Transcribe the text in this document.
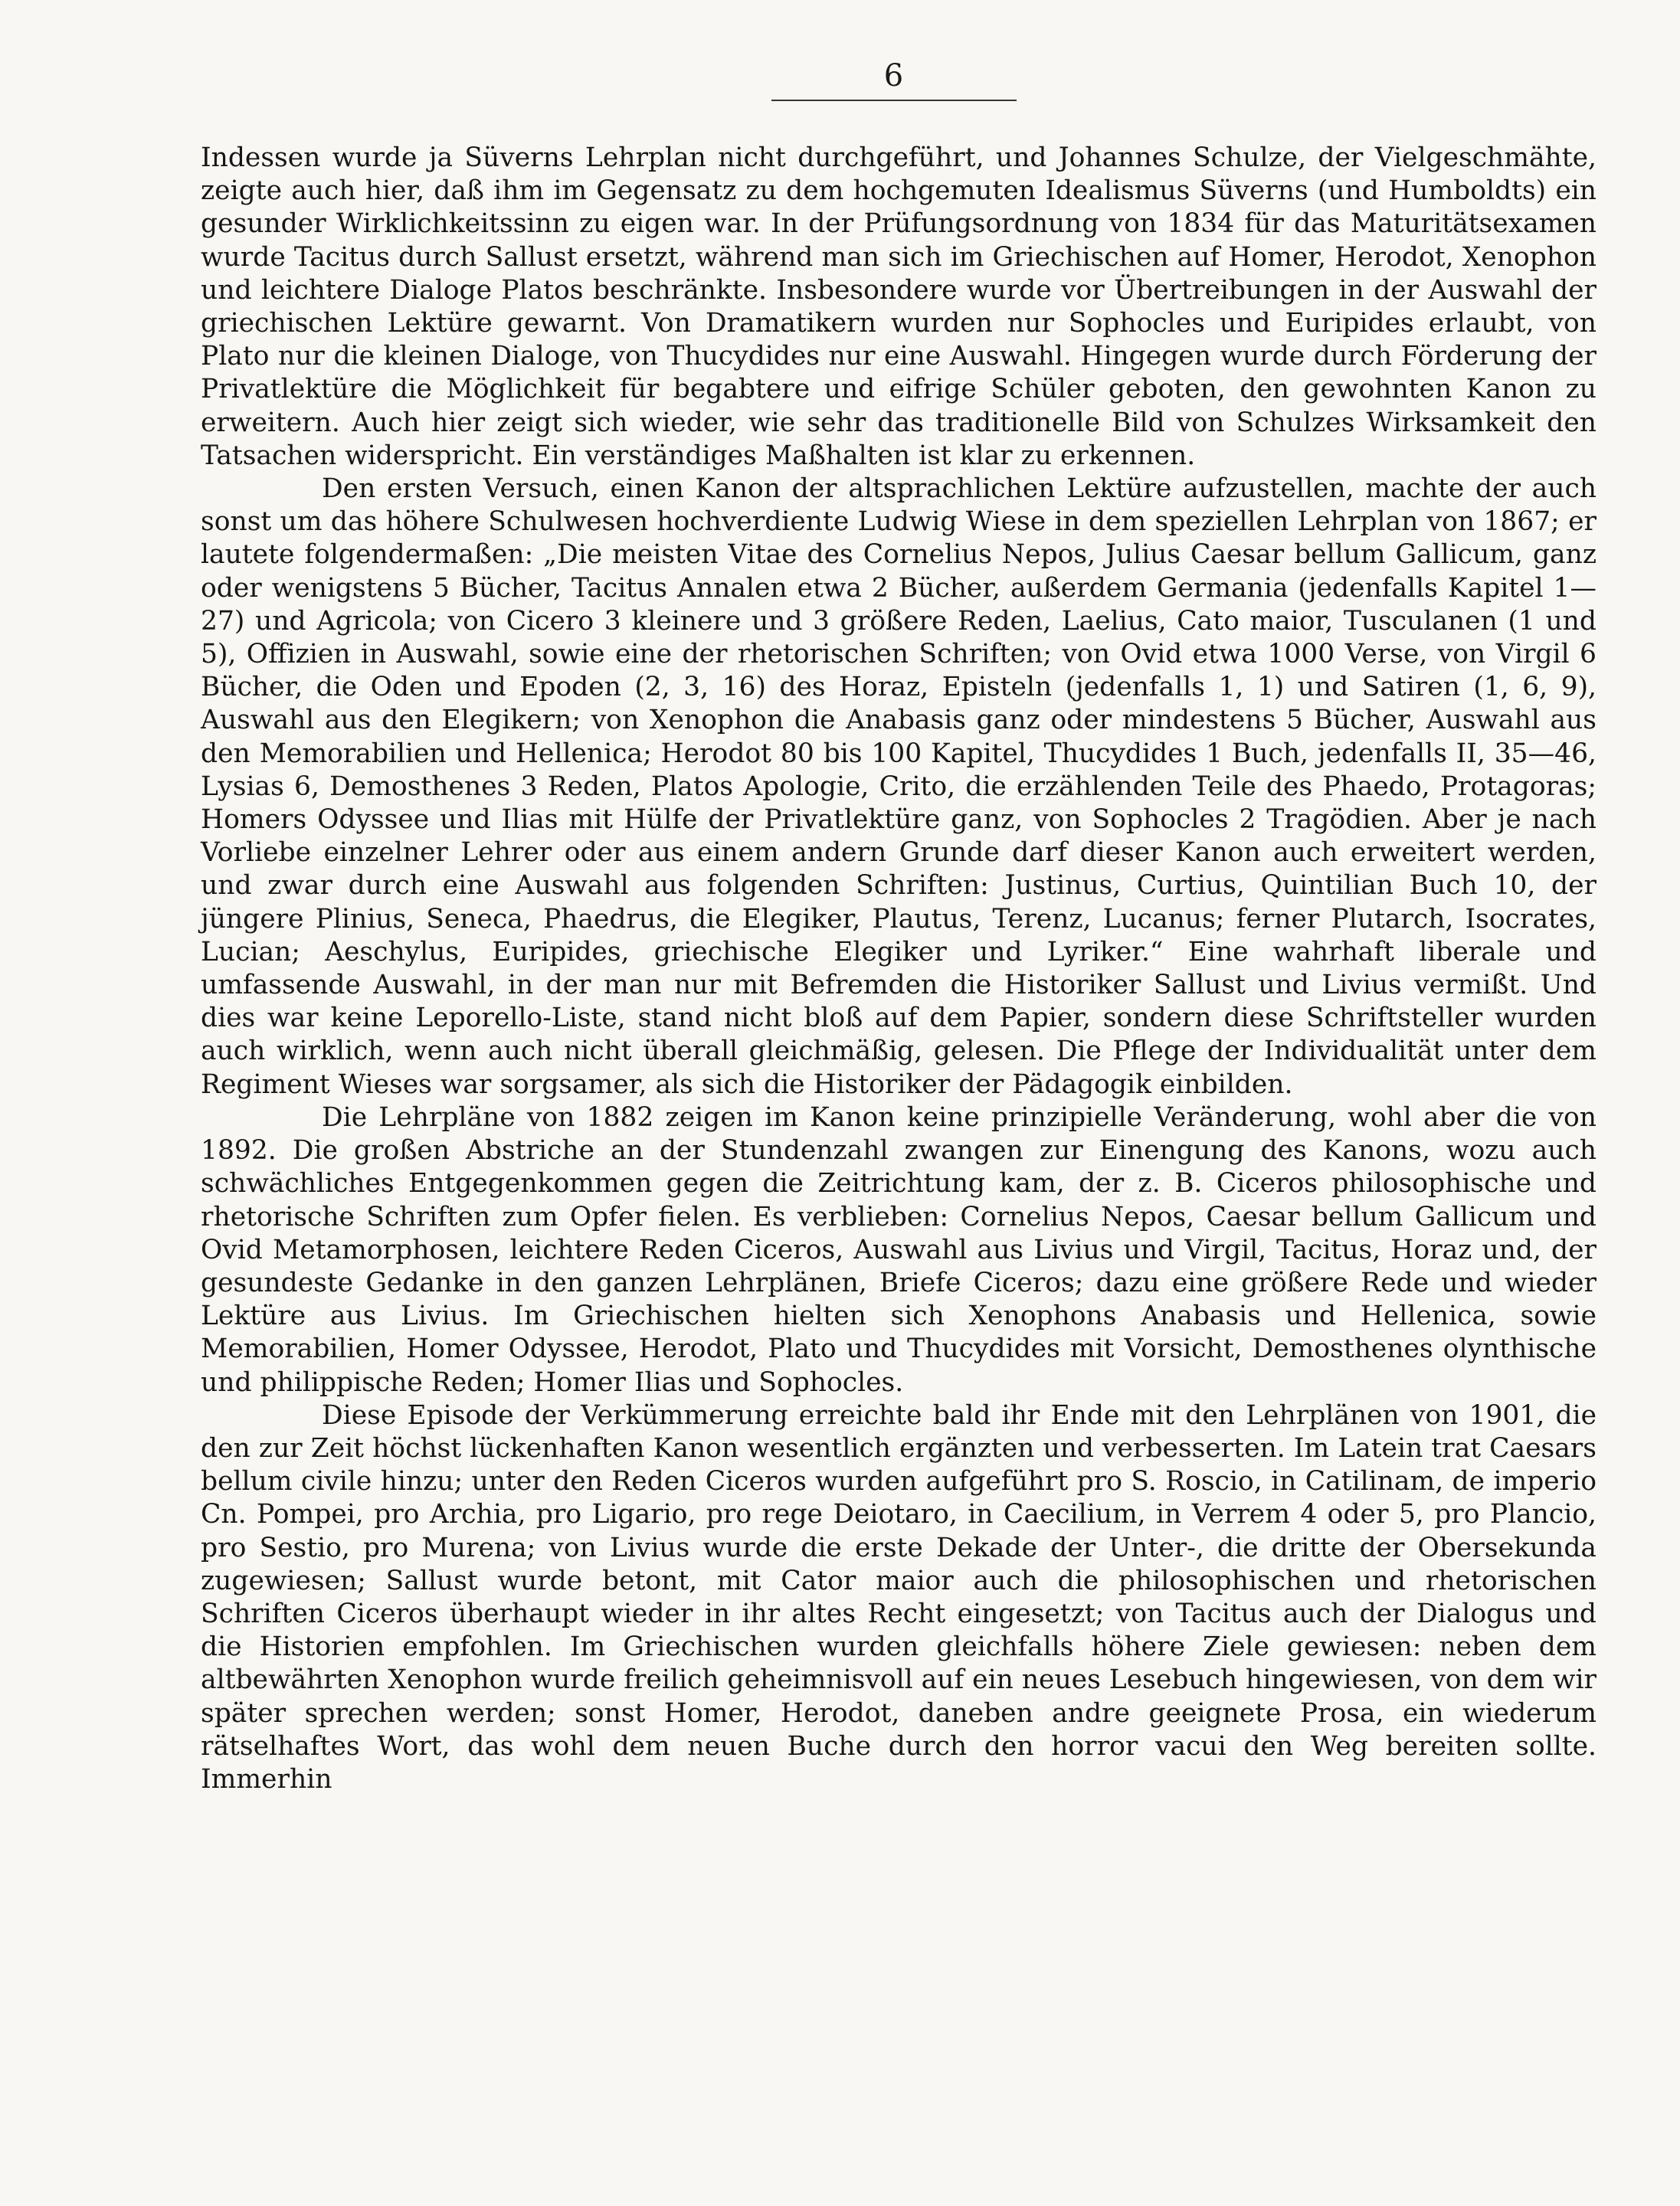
6

Indessen wurde ja Süverns Lehrplan nicht durchgeführt, und Johannes Schulze, der Vielgeschmähte, zeigte auch hier, daß ihm im Gegensatz zu dem hochgemuten Idealismus Süverns (und Humboldts) ein gesunder Wirklichkeitssinn zu eigen war. In der Prüfungsordnung von 1834 für das Maturitätsexamen wurde Tacitus durch Sallust ersetzt, während man sich im Griechischen auf Homer, Herodot, Xenophon und leichtere Dialoge Platos beschränkte. Insbesondere wurde vor Übertreibungen in der Auswahl der griechischen Lektüre gewarnt. Von Dramatikern wurden nur Sophocles und Euripides erlaubt, von Plato nur die kleinen Dialoge, von Thucydides nur eine Auswahl. Hingegen wurde durch Förderung der Privatlektüre die Möglichkeit für begabtere und eifrige Schüler geboten, den gewohnten Kanon zu erweitern. Auch hier zeigt sich wieder, wie sehr das traditionelle Bild von Schulzes Wirksamkeit den Tatsachen widerspricht. Ein verständiges Maßhalten ist klar zu erkennen.

Den ersten Versuch, einen Kanon der altsprachlichen Lektüre aufzustellen, machte der auch sonst um das höhere Schulwesen hochverdiente Ludwig Wiese in dem speziellen Lehrplan von 1867; er lautete folgendermaßen: „Die meisten Vitae des Cornelius Nepos, Julius Caesar bellum Gallicum, ganz oder wenigstens 5 Bücher, Tacitus Annalen etwa 2 Bücher, außerdem Germania (jedenfalls Kapitel 1—27) und Agricola; von Cicero 3 kleinere und 3 größere Reden, Laelius, Cato maior, Tusculanen (1 und 5), Offizien in Auswahl, sowie eine der rhetorischen Schriften; von Ovid etwa 1000 Verse, von Virgil 6 Bücher, die Oden und Epoden (2, 3, 16) des Horaz, Episteln (jedenfalls 1, 1) und Satiren (1, 6, 9), Auswahl aus den Elegikern; von Xenophon die Anabasis ganz oder mindestens 5 Bücher, Auswahl aus den Memorabilien und Hellenica; Herodot 80 bis 100 Kapitel, Thucydides 1 Buch, jedenfalls II, 35—46, Lysias 6, Demosthenes 3 Reden, Platos Apologie, Crito, die erzählenden Teile des Phaedo, Protagoras; Homers Odyssee und Ilias mit Hülfe der Privatlektüre ganz, von Sophocles 2 Tragödien. Aber je nach Vorliebe einzelner Lehrer oder aus einem andern Grunde darf dieser Kanon auch erweitert werden, und zwar durch eine Auswahl aus folgenden Schriften: Justinus, Curtius, Quintilian Buch 10, der jüngere Plinius, Seneca, Phaedrus, die Elegiker, Plautus, Terenz, Lucanus; ferner Plutarch, Isocrates, Lucian; Aeschylus, Euripides, griechische Elegiker und Lyriker.“ Eine wahrhaft liberale und umfassende Auswahl, in der man nur mit Befremden die Historiker Sallust und Livius vermißt. Und dies war keine Leporello-Liste, stand nicht bloß auf dem Papier, sondern diese Schriftsteller wurden auch wirklich, wenn auch nicht überall gleichmäßig, gelesen. Die Pflege der Individualität unter dem Regiment Wieses war sorgsamer, als sich die Historiker der Pädagogik einbilden.

Die Lehrpläne von 1882 zeigen im Kanon keine prinzipielle Veränderung, wohl aber die von 1892. Die großen Abstriche an der Stundenzahl zwangen zur Einengung des Kanons, wozu auch schwächliches Entgegenkommen gegen die Zeitrichtung kam, der z. B. Ciceros philosophische und rhetorische Schriften zum Opfer fielen. Es verblieben: Cornelius Nepos, Caesar bellum Gallicum und Ovid Metamorphosen, leichtere Reden Ciceros, Auswahl aus Livius und Virgil, Tacitus, Horaz und, der gesundeste Gedanke in den ganzen Lehrplänen, Briefe Ciceros; dazu eine größere Rede und wieder Lektüre aus Livius. Im Griechischen hielten sich Xenophons Anabasis und Hellenica, sowie Memorabilien, Homer Odyssee, Herodot, Plato und Thucydides mit Vorsicht, Demosthenes olynthische und philippische Reden; Homer Ilias und Sophocles.

Diese Episode der Verkümmerung erreichte bald ihr Ende mit den Lehrplänen von 1901, die den zur Zeit höchst lückenhaften Kanon wesentlich ergänzten und verbesserten. Im Latein trat Caesars bellum civile hinzu; unter den Reden Ciceros wurden aufgeführt pro S. Roscio, in Catilinam, de imperio Cn. Pompei, pro Archia, pro Ligario, pro rege Deiotaro, in Caecilium, in Verrem 4 oder 5, pro Plancio, pro Sestio, pro Murena; von Livius wurde die erste Dekade der Unter-, die dritte der Obersekunda zugewiesen; Sallust wurde betont, mit Cator maior auch die philosophischen und rhetorischen Schriften Ciceros überhaupt wieder in ihr altes Recht eingesetzt; von Tacitus auch der Dialogus und die Historien empfohlen. Im Griechischen wurden gleichfalls höhere Ziele gewiesen: neben dem altbewährten Xenophon wurde freilich geheimnisvoll auf ein neues Lesebuch hingewiesen, von dem wir später sprechen werden; sonst Homer, Herodot, daneben andre geeignete Prosa, ein wiederum rätselhaftes Wort, das wohl dem neuen Buche durch den horror vacui den Weg bereiten sollte. Immerhin
